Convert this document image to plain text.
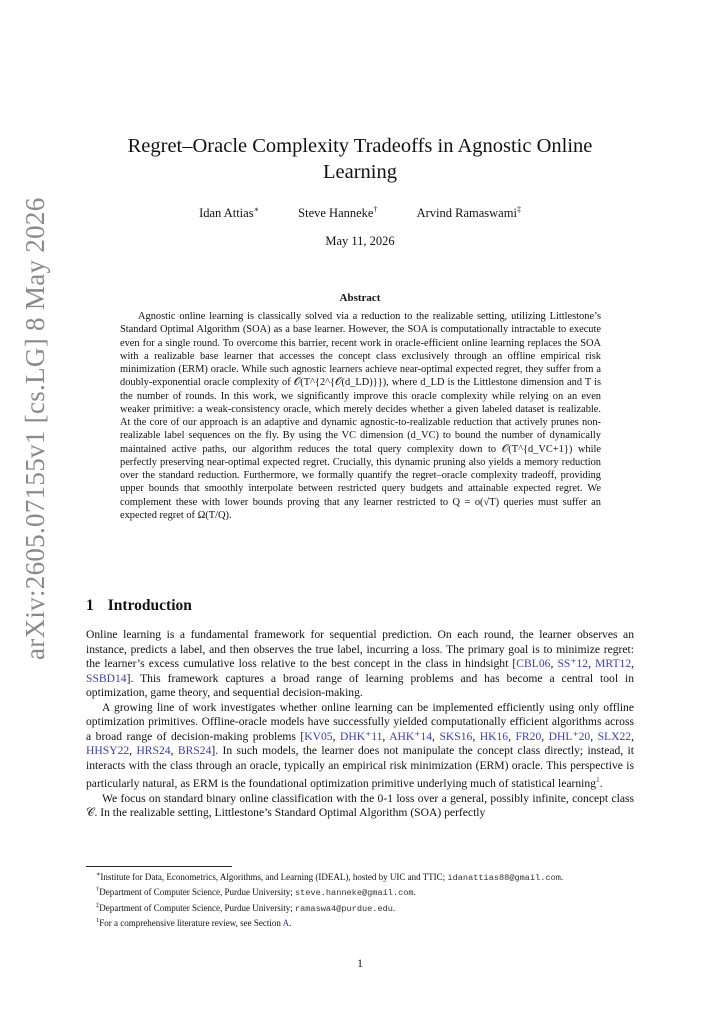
arXiv:2605.07155v1 [cs.LG] 8 May 2026
Regret–Oracle Complexity Tradeoffs in Agnostic Online Learning
Idan Attias∗	Steve Hanneke†	Arvind Ramaswami‡
May 11, 2026
Abstract
Agnostic online learning is classically solved via a reduction to the realizable setting, utilizing Littlestone’s Standard Optimal Algorithm (SOA) as a base learner. However, the SOA is computationally intractable to execute even for a single round. To overcome this barrier, recent work in oracle-efficient online learning replaces the SOA with a realizable base learner that accesses the concept class exclusively through an offline empirical risk minimization (ERM) oracle. While such agnostic learners achieve near-optimal expected regret, they suffer from a doubly-exponential oracle complexity of 𝒪(T^{2^{𝒪(d_LD)}}), where d_LD is the Littlestone dimension and T is the number of rounds. In this work, we significantly improve this oracle complexity while relying on an even weaker primitive: a weak-consistency oracle, which merely decides whether a given labeled dataset is realizable. At the core of our approach is an adaptive and dynamic agnostic-to-realizable reduction that actively prunes non-realizable label sequences on the fly. By using the VC dimension (d_VC) to bound the number of dynamically maintained active paths, our algorithm reduces the total query complexity down to 𝒪(T^{d_VC+1}) while perfectly preserving near-optimal expected regret. Crucially, this dynamic pruning also yields a memory reduction over the standard reduction. Furthermore, we formally quantify the regret–oracle complexity tradeoff, providing upper bounds that smoothly interpolate between restricted query budgets and attainable expected regret. We complement these with lower bounds proving that any learner restricted to Q = o(√T) queries must suffer an expected regret of Ω(T/Q).
1 Introduction

Online learning is a fundamental framework for sequential prediction. On each round, the learner observes an instance, predicts a label, and then observes the true label, incurring a loss. The primary goal is to minimize regret: the learner’s excess cumulative loss relative to the best concept in the class in hindsight [CBL06, SS⁺12, MRT12, SSBD14]. This framework captures a broad range of learning problems and has become a central tool in optimization, game theory, and sequential decision-making.

A growing line of work investigates whether online learning can be implemented efficiently using only offline optimization primitives. Offline-oracle models have successfully yielded computationally efficient algorithms across a broad range of decision-making problems [KV05, DHK⁺11, AHK⁺14, SKS16, HK16, FR20, DHL⁺20, SLX22, HHSY22, HRS24, BRS24]. In such models, the learner does not manipulate the concept class directly; instead, it interacts with the class through an oracle, typically an empirical risk minimization (ERM) oracle. This perspective is particularly natural, as ERM is the foundational optimization primitive underlying much of statistical learning$^1$.

We focus on standard binary online classification with the 0-1 loss over a general, possibly infinite, concept class 𝒞. In the realizable setting, Littlestone’s Standard Optimal Algorithm (SOA) perfectly

∗Institute for Data, Econometrics, Algorithms, and Learning (IDEAL), hosted by UIC and TTIC; idanattias88@gmail.com.

†Department of Computer Science, Purdue University; steve.hanneke@gmail.com.

‡Department of Computer Science, Purdue University; ramaswa4@purdue.edu.

$^1$For a comprehensive literature review, see Section A.

1
